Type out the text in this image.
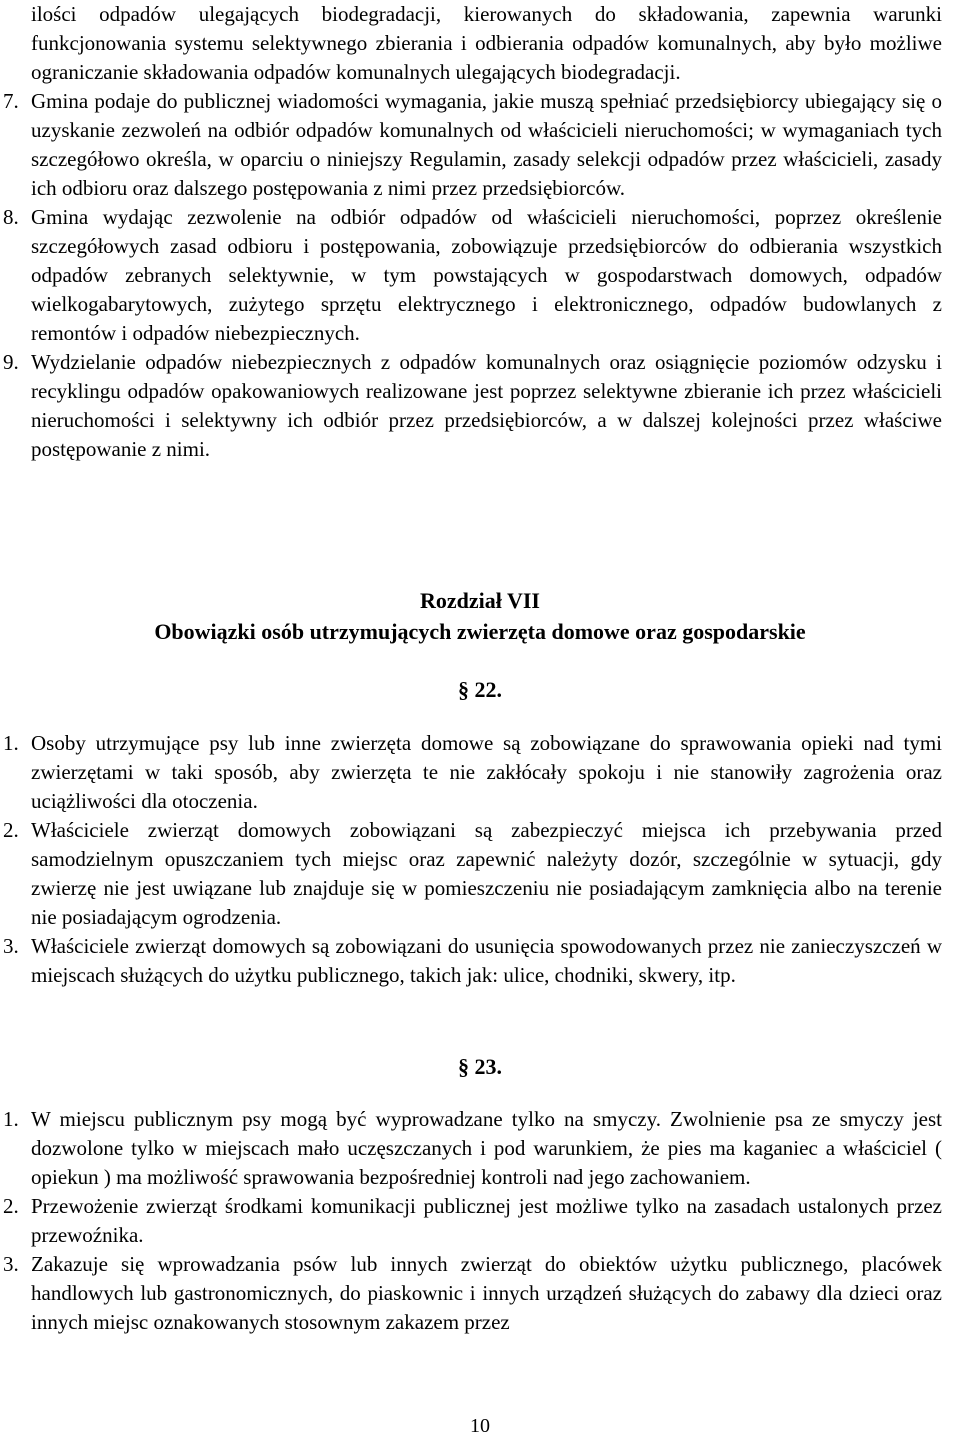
ilości odpadów ulegających biodegradacji, kierowanych do składowania, zapewnia warunki funkcjonowania systemu selektywnego zbierania i odbierania odpadów komunalnych, aby było możliwe ograniczanie składowania odpadów komunalnych ulegających biodegradacji.
7. Gmina podaje do publicznej wiadomości wymagania, jakie muszą spełniać przedsiębiorcy ubiegający się o uzyskanie zezwoleń na odbiór odpadów komunalnych od właścicieli nieruchomości; w wymaganiach tych szczegółowo określa, w oparciu o niniejszy Regulamin, zasady selekcji odpadów przez właścicieli, zasady ich odbioru oraz dalszego postępowania z nimi przez przedsiębiorców.
8. Gmina wydając zezwolenie na odbiór odpadów od właścicieli nieruchomości, poprzez określenie szczegółowych zasad odbioru i postępowania, zobowiązuje przedsiębiorców do odbierania wszystkich odpadów zebranych selektywnie, w tym powstających w gospodarstwach domowych, odpadów wielkogabarytowych, zużytego sprzętu elektrycznego i elektronicznego, odpadów budowlanych z remontów i odpadów niebezpiecznych.
9. Wydzielanie odpadów niebezpiecznych z odpadów komunalnych oraz osiągnięcie poziomów odzysku i recyklingu odpadów opakowaniowych realizowane jest poprzez selektywne zbieranie ich przez właścicieli nieruchomości i selektywny ich odbiór przez przedsiębiorców, a w dalszej kolejności przez właściwe postępowanie z nimi.
Rozdział VII
Obowiązki osób utrzymujących zwierzęta domowe oraz gospodarskie
§ 22.
1. Osoby utrzymujące psy lub inne zwierzęta domowe są zobowiązane do sprawowania opieki nad tymi zwierzętami w taki sposób, aby zwierzęta te nie zakłócały spokoju i nie stanowiły zagrożenia oraz uciążliwości dla otoczenia.
2. Właściciele zwierząt domowych zobowiązani są zabezpieczyć miejsca ich przebywania przed samodzielnym opuszczaniem tych miejsc oraz zapewnić należyty dozór, szczególnie w sytuacji, gdy zwierzę nie jest uwiązane lub znajduje się w pomieszczeniu nie posiadającym zamknięcia albo na terenie nie posiadającym ogrodzenia.
3. Właściciele zwierząt domowych są zobowiązani do usunięcia spowodowanych przez nie zanieczyszczeń w miejscach służących do użytku publicznego, takich jak: ulice, chodniki, skwery, itp.
§ 23.
1. W miejscu publicznym psy mogą być wyprowadzane tylko na smyczy. Zwolnienie psa ze smyczy jest dozwolone tylko w miejscach mało uczęszczanych i pod warunkiem, że pies ma kaganiec a właściciel ( opiekun ) ma możliwość sprawowania bezpośredniej kontroli nad jego zachowaniem.
2. Przewożenie zwierząt środkami komunikacji publicznej jest możliwe tylko na zasadach ustalonych przez przewoźnika.
3. Zakazuje się wprowadzania psów lub innych zwierząt do obiektów użytku publicznego, placówek handlowych lub gastronomicznych, do piaskownic i innych urządzeń służących do zabawy dla dzieci oraz innych miejsc oznakowanych stosownym zakazem przez
10
